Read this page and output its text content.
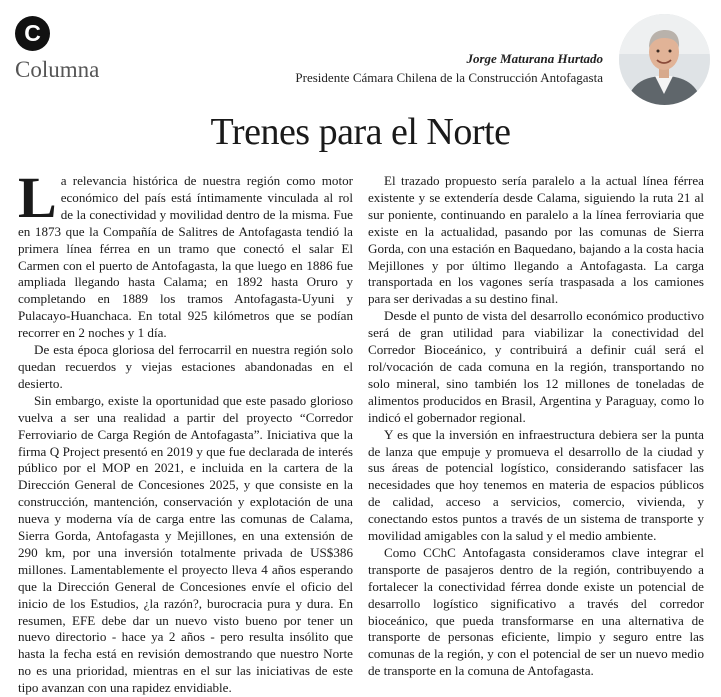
C
Columna	Jorge Maturana Hurtado
Presidente Cámara Chilena de la Construcción Antofagasta
Trenes para el Norte

La relevancia histórica de nuestra región como motor económico del país está íntimamente vinculada al rol de la conectividad y movilidad dentro de la misma. Fue en 1873 que la Compañía de Salitres de Antofagasta tendió la primera línea férrea en un tramo que conectó el salar El Carmen con el puerto de Antofagasta, la que luego en 1886 fue ampliada llegando hasta Calama; en 1892 hasta Oruro y completando en 1889 los tramos Antofagasta-Uyuni y Pulacayo-Huanchaca. En total 925 kilómetros que se podían recorrer en 2 noches y 1 día.

De esta época gloriosa del ferrocarril en nuestra región solo quedan recuerdos y viejas estaciones abandonadas en el desierto.

Sin embargo, existe la oportunidad que este pasado glorioso vuelva a ser una realidad a partir del proyecto “Corredor Ferroviario de Carga Región de Antofagasta”. Iniciativa que la firma Q Project presentó en 2019 y que fue declarada de interés público por el MOP en 2021, e incluida en la cartera de la Dirección General de Concesiones 2025, y que consiste en la construcción, mantención, conservación y explotación de una nueva y moderna vía de carga entre las comunas de Calama, Sierra Gorda, Antofagasta y Mejillones, en una extensión de 290 km, por una inversión totalmente privada de US$386 millones. Lamentablemente el proyecto lleva 4 años esperando que la Dirección General de Concesiones envíe el oficio del inicio de los Estudios, ¿la razón?, burocracia pura y dura. En resumen, EFE debe dar un nuevo visto bueno por tener un nuevo directorio - hace ya 2 años - pero resulta insólito que hasta la fecha está en revisión demostrando que nuestro Norte no es una prioridad, mientras en el sur las iniciativas de este tipo avanzan con una rapidez envidiable.

El trazado propuesto sería paralelo a la actual línea férrea existente y se extendería desde Calama, siguiendo la ruta 21 al sur poniente, continuando en paralelo a la línea ferroviaria que existe en la actualidad, pasando por las comunas de Sierra Gorda, con una estación en Baquedano, bajando a la costa hacia Mejillones y por último llegando a Antofagasta. La carga transportada en los vagones sería traspasada a los camiones para ser derivadas a su destino final.

Desde el punto de vista del desarrollo económico productivo será de gran utilidad para viabilizar la conectividad del Corredor Bioceánico, y contribuirá a definir cuál será el rol/vocación de cada comuna en la región, transportando no solo mineral, sino también los 12 millones de toneladas de alimentos producidos en Brasil, Argentina y Paraguay, como lo indicó el gobernador regional.

Y es que la inversión en infraestructura debiera ser la punta de lanza que empuje y promueva el desarrollo de la ciudad y sus áreas de potencial logístico, considerando satisfacer las necesidades que hoy tenemos en materia de espacios públicos de calidad, acceso a servicios, comercio, vivienda, y conectando estos puntos a través de un sistema de transporte y movilidad amigables con la salud y el medio ambiente.

Como CChC Antofagasta consideramos clave integrar el transporte de pasajeros dentro de la región, contribuyendo a fortalecer la conectividad férrea donde existe un potencial de desarrollo logístico significativo a través del corredor bioceánico, que pueda transformarse en una alternativa de transporte de personas eficiente, limpio y seguro entre las comunas de la región, y con el potencial de ser un nuevo medio de transporte en la comuna de Antofagasta.
